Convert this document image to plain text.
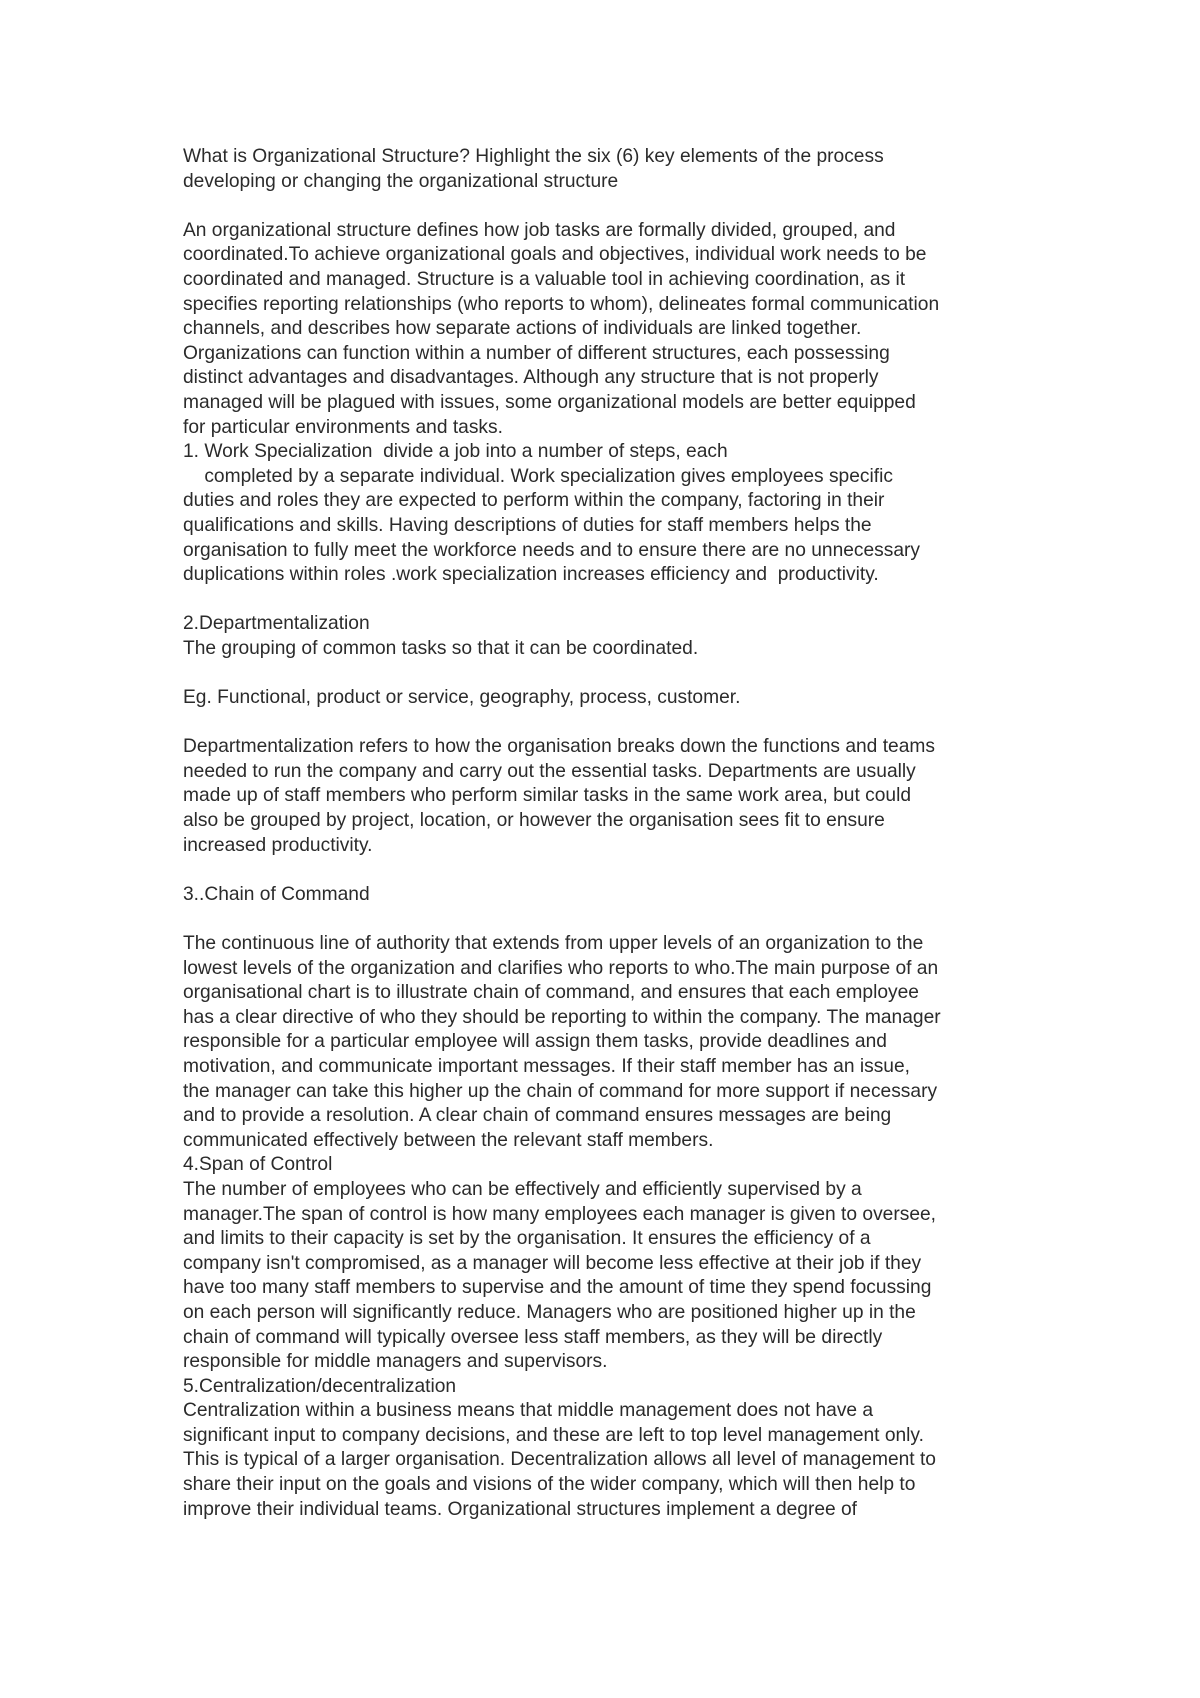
What is Organizational Structure? Highlight the six (6) key elements of the process
developing or changing the organizational structure
An organizational structure defines how job tasks are formally divided, grouped, and
coordinated.To achieve organizational goals and objectives, individual work needs to be
coordinated and managed. Structure is a valuable tool in achieving coordination, as it
specifies reporting relationships (who reports to whom), delineates formal communication
channels, and describes how separate actions of individuals are linked together.
Organizations can function within a number of different structures, each possessing
distinct advantages and disadvantages. Although any structure that is not properly
managed will be plagued with issues, some organizational models are better equipped
for particular environments and tasks.
1. Work Specialization  divide a job into a number of steps, each
completed by a separate individual. Work specialization gives employees specific
duties and roles they are expected to perform within the company, factoring in their
qualifications and skills. Having descriptions of duties for staff members helps the
organisation to fully meet the workforce needs and to ensure there are no unnecessary
duplications within roles .work specialization increases efficiency and  productivity.
2.Departmentalization
The grouping of common tasks so that it can be coordinated.
Eg. Functional, product or service, geography, process, customer.
Departmentalization refers to how the organisation breaks down the functions and teams
needed to run the company and carry out the essential tasks. Departments are usually
made up of staff members who perform similar tasks in the same work area, but could
also be grouped by project, location, or however the organisation sees fit to ensure
increased productivity.
3..Chain of Command
The continuous line of authority that extends from upper levels of an organization to the
lowest levels of the organization and clarifies who reports to who.The main purpose of an
organisational chart is to illustrate chain of command, and ensures that each employee
has a clear directive of who they should be reporting to within the company. The manager
responsible for a particular employee will assign them tasks, provide deadlines and
motivation, and communicate important messages. If their staff member has an issue,
the manager can take this higher up the chain of command for more support if necessary
and to provide a resolution. A clear chain of command ensures messages are being
communicated effectively between the relevant staff members.
4.Span of Control
The number of employees who can be effectively and efficiently supervised by a
manager.The span of control is how many employees each manager is given to oversee,
and limits to their capacity is set by the organisation. It ensures the efficiency of a
company isn't compromised, as a manager will become less effective at their job if they
have too many staff members to supervise and the amount of time they spend focussing
on each person will significantly reduce. Managers who are positioned higher up in the
chain of command will typically oversee less staff members, as they will be directly
responsible for middle managers and supervisors.
5.Centralization/decentralization
Centralization within a business means that middle management does not have a
significant input to company decisions, and these are left to top level management only.
This is typical of a larger organisation. Decentralization allows all level of management to
share their input on the goals and visions of the wider company, which will then help to
improve their individual teams. Organizational structures implement a degree of
